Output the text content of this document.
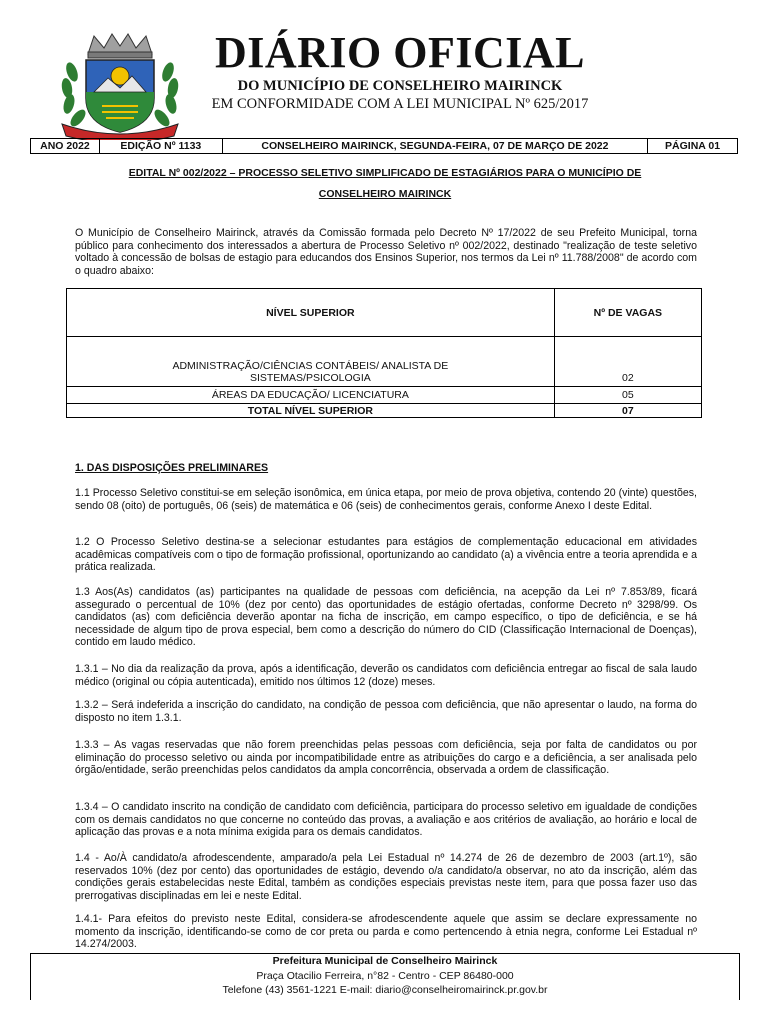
DIÁRIO OFICIAL
DO MUNICÍPIO DE CONSELHEIRO MAIRINCK
EM CONFORMIDADE COM A LEI MUNICIPAL Nº 625/2017
ANO 2022	EDIÇÃO Nº 1133	CONSELHEIRO MAIRINCK, SEGUNDA-FEIRA, 07 DE MARÇO DE 2022	PÁGINA 01
EDITAL Nº 002/2022 – PROCESSO SELETIVO SIMPLIFICADO DE ESTAGIÁRIOS PARA O MUNICÍPIO DE
CONSELHEIRO MAIRINCK
O Município de Conselheiro Mairinck, através da Comissão formada pelo Decreto Nº 17/2022 de seu Prefeito Municipal, torna público para conhecimento dos interessados a abertura de Processo Seletivo nº 002/2022, destinado "realização de teste seletivo voltado à concessão de bolsas de estagio para educandos dos Ensinos Superior, nos termos da Lei nº 11.788/2008" de acordo com o quadro abaixo:
NÍVEL SUPERIOR	Nº DE VAGAS

ADMINISTRAÇÃO/CIÊNCIAS CONTÁBEIS/ ANALISTA DE SISTEMAS/PSICOLOGIA	02
ÁREAS DA EDUCAÇÃO/ LICENCIATURA	05
TOTAL NÍVEL SUPERIOR	07
1. DAS DISPOSIÇÕES PRELIMINARES
1.1 Processo Seletivo constitui-se em seleção isonômica, em única etapa, por meio de prova objetiva, contendo 20 (vinte) questões, sendo 08 (oito) de português, 06 (seis) de matemática e 06 (seis) de conhecimentos gerais, conforme Anexo I deste Edital.
1.2 O Processo Seletivo destina-se a selecionar estudantes para estágios de complementação educacional em atividades acadêmicas compatíveis com o tipo de formação profissional, oportunizando ao candidato (a) a vivência entre a teoria aprendida e a prática realizada.
1.3 Aos(As) candidatos (as) participantes na qualidade de pessoas com deficiência, na acepção da Lei nº 7.853/89, ficará assegurado o percentual de 10% (dez por cento) das oportunidades de estágio ofertadas, conforme Decreto nº 3298/99. Os candidatos (as) com deficiência deverão apontar na ficha de inscrição, em campo específico, o tipo de deficiência, e se há necessidade de algum tipo de prova especial, bem como a descrição do número do CID (Classificação Internacional de Doenças), contido em laudo médico.
1.3.1 – No dia da realização da prova, após a identificação, deverão os candidatos com deficiência entregar ao fiscal de sala laudo médico (original ou cópia autenticada), emitido nos últimos 12 (doze) meses.
1.3.2 – Será indeferida a inscrição do candidato, na condição de pessoa com deficiência, que não apresentar o laudo, na forma do disposto no item 1.3.1.
1.3.3 – As vagas reservadas que não forem preenchidas pelas pessoas com deficiência, seja por falta de candidatos ou por eliminação do processo seletivo ou ainda por incompatibilidade entre as atribuições do cargo e a deficiência, a ser analisada pelo órgão/entidade, serão preenchidas pelos candidatos da ampla concorrência, observada a ordem de classificação.
1.3.4 – O candidato inscrito na condição de candidato com deficiência, participara do processo seletivo em igualdade de condições com os demais candidatos no que concerne no conteúdo das provas, a avaliação e aos critérios de avaliação, ao horário e local de aplicação das provas e a nota mínima exigida para os demais candidatos.
1.4 - Ao/À candidato/a afrodescendente, amparado/a pela Lei Estadual nº 14.274 de 26 de dezembro de 2003 (art.1º), são reservados 10% (dez por cento) das oportunidades de estágio, devendo o/a candidato/a observar, no ato da inscrição, além das condições gerais estabelecidas neste Edital, também as condições especiais previstas neste item, para que possa fazer uso das prerrogativas disciplinadas em lei e neste Edital.
1.4.1- Para efeitos do previsto neste Edital, considera-se afrodescendente aquele que assim se declare expressamente no momento da inscrição, identificando-se como de cor preta ou parda e como pertencendo à etnia negra, conforme Lei Estadual nº 14.274/2003.
Prefeitura Municipal de Conselheiro Mairinck
Praça Otacilio Ferreira, n°82 - Centro - CEP 86480-000
Telefone (43) 3561-1221 E-mail: diario@conselheiromairinck.pr.gov.br
